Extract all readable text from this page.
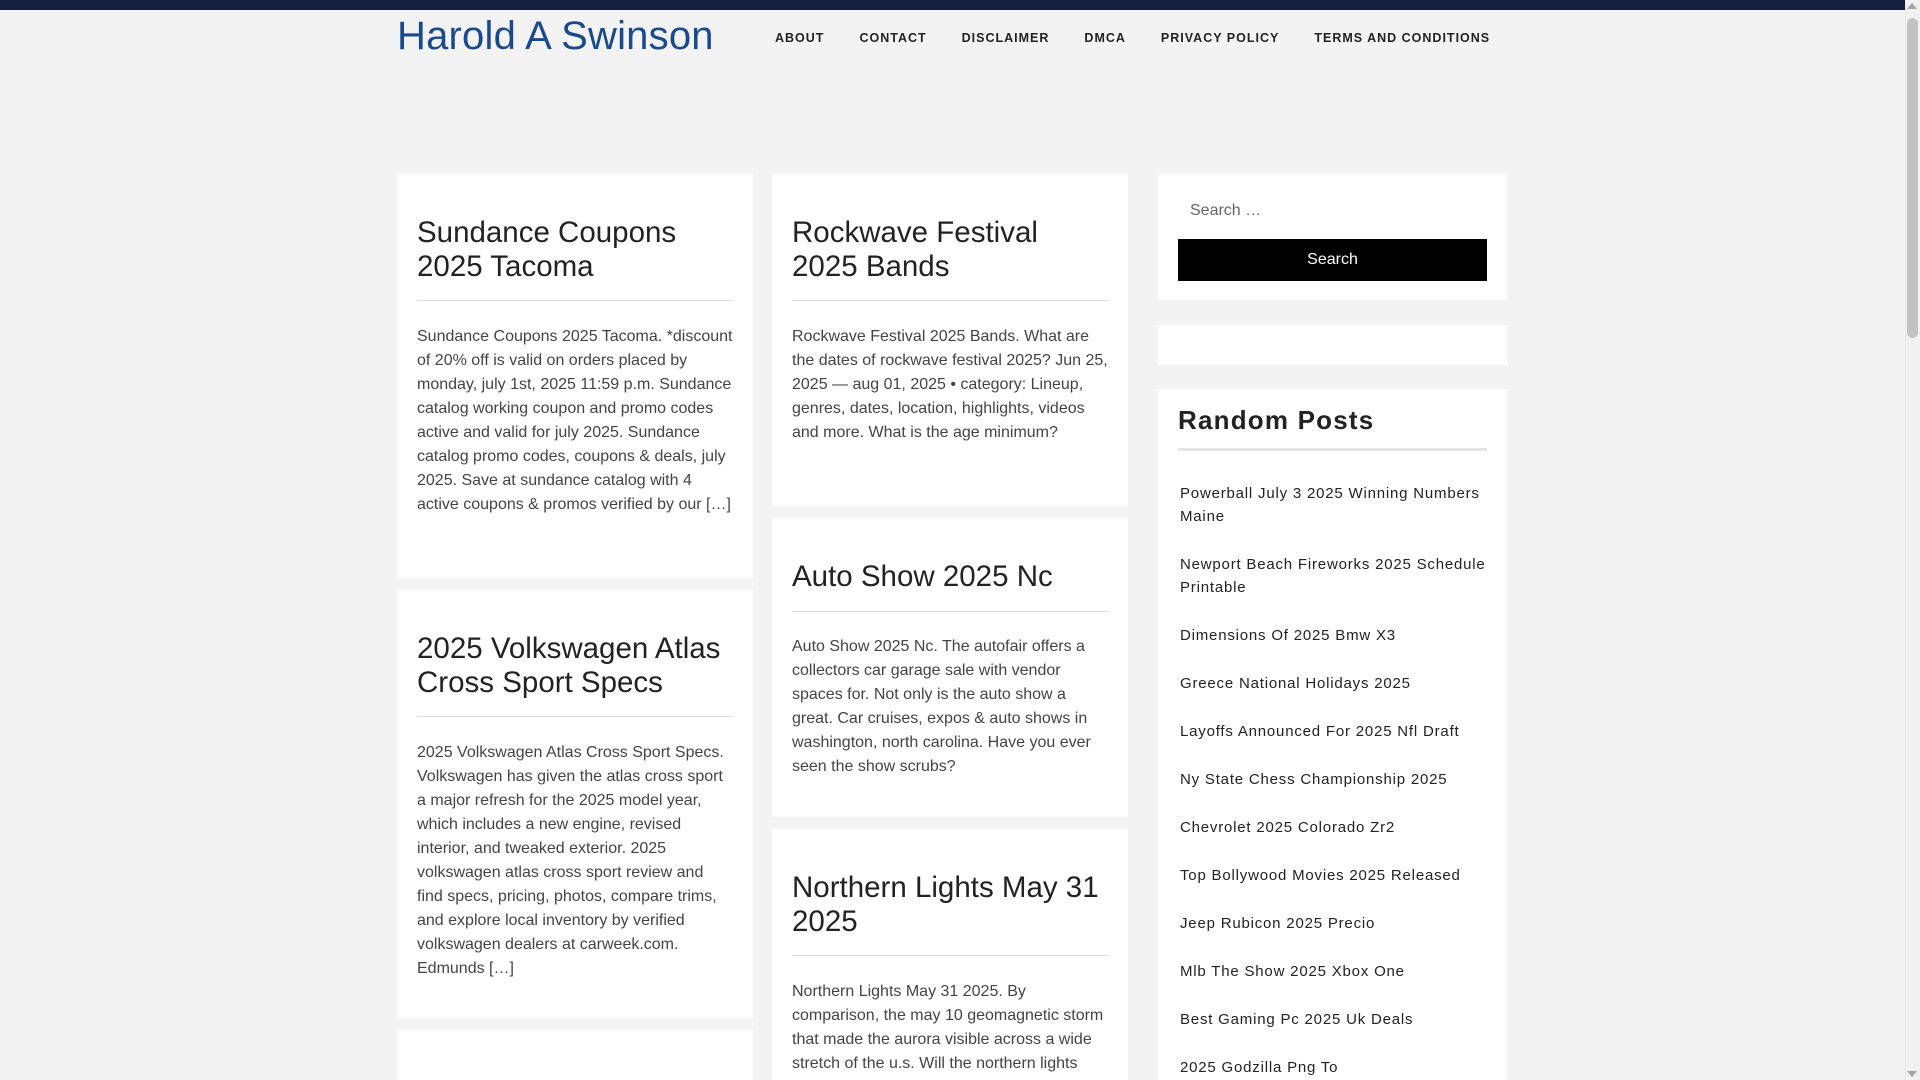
Harold A Swinson	ABOUT	CONTACT	DISCLAIMER	DMCA	PRIVACY POLICY	TERMS AND CONDITIONS
Sundance Coupons 2025 Tacoma

Sundance Coupons 2025 Tacoma. *discount of 20% off is valid on orders placed by monday, july 1st, 2025 11:59 p.m. Sundance catalog working coupon and promo codes active and valid for july 2025. Sundance catalog promo codes, coupons & deals, july 2025. Save at sundance catalog with 4 active coupons & promos verified by our […]

2025 Volkswagen Atlas Cross Sport Specs

2025 Volkswagen Atlas Cross Sport Specs. Volkswagen has given the atlas cross sport a major refresh for the 2025 model year, which includes a new engine, revised interior, and tweaked exterior. 2025 volkswagen atlas cross sport review and find specs, pricing, photos, compare trims, and explore local inventory by verified volkswagen dealers at carweek.com. Edmunds […]

Rockwave Festival 2025 Bands

Rockwave Festival 2025 Bands. What are the dates of rockwave festival 2025? Jun 25, 2025 — aug 01, 2025 • category: Lineup, genres, dates, location, highlights, videos and more. What is the age minimum?

Auto Show 2025 Nc

Auto Show 2025 Nc. The autofair offers a collectors car garage sale with vendor spaces for. Not only is the auto show a great. Car cruises, expos & auto shows in washington, north carolina. Have you ever seen the show scrubs?

Northern Lights May 31 2025

Northern Lights May 31 2025. By comparison, the may 10 geomagnetic storm that made the aurora visible across a wide stretch of the u.s. Will the northern lights

Search …
Search
Random Posts
Powerball July 3 2025 Winning Numbers Maine
Newport Beach Fireworks 2025 Schedule Printable
Dimensions Of 2025 Bmw X3
Greece National Holidays 2025
Layoffs Announced For 2025 Nfl Draft
Ny State Chess Championship 2025
Chevrolet 2025 Colorado Zr2
Top Bollywood Movies 2025 Released
Jeep Rubicon 2025 Precio
Mlb The Show 2025 Xbox One
Best Gaming Pc 2025 Uk Deals
2025 Godzilla Png To
